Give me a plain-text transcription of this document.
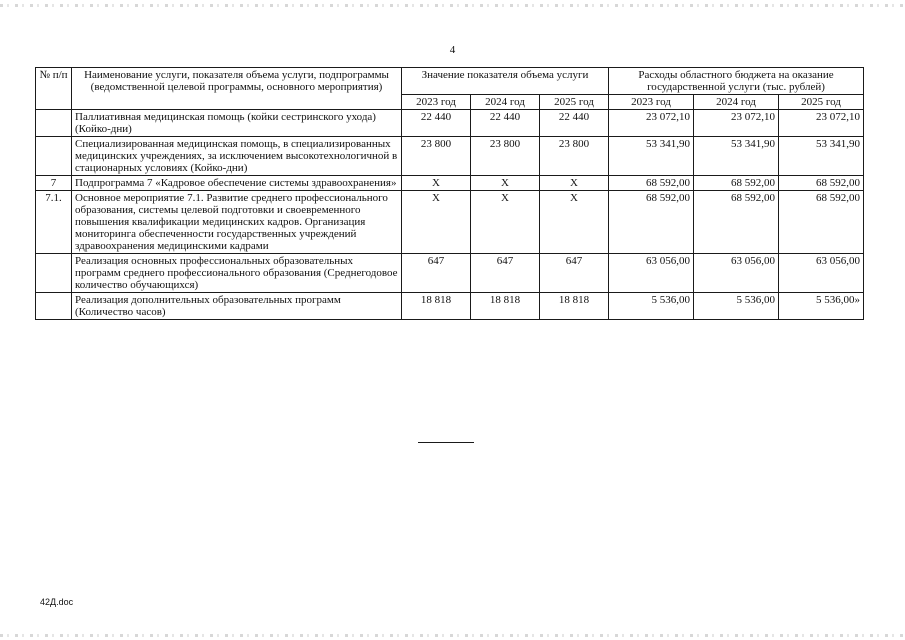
4
№ п/п	Наименование услуги, показателя объема услуги, подпрограммы (ведомственной целевой программы, основного мероприятия)	Значение показателя объема услуги			Расходы областного бюджета на оказание государственной услуги (тыс. рублей)		
		2023 год	2024 год	2025 год	2023 год	2024 год	2025 год
	Паллиативная медицинская помощь (койки сестринского ухода) (Койко-дни)	22 440	22 440	22 440	23 072,10	23 072,10	23 072,10
	Специализированная медицинская помощь, в специализированных медицинских учреждениях, за исключением высокотехнологичной в стационарных условиях (Койко-дни)	23 800	23 800	23 800	53 341,90	53 341,90	53 341,90
7	Подпрограмма 7 «Кадровое обеспечение системы здравоохранения»	Х	Х	Х	68 592,00	68 592,00	68 592,00
7.1.	Основное мероприятие 7.1. Развитие среднего профессионального образования, системы целевой подготовки и своевременного повышения квалификации медицинских кадров. Организация мониторинга обеспеченности государственных учреждений здравоохранения медицинскими кадрами	Х	Х	Х	68 592,00	68 592,00	68 592,00
	Реализация основных профессиональных образовательных программ среднего профессионального образования (Среднегодовое количество обучающихся)	647	647	647	63 056,00	63 056,00	63 056,00
	Реализация дополнительных образовательных программ (Количество часов)	18 818	18 818	18 818	5 536,00	5 536,00	5 536,00»
42Д.doc
